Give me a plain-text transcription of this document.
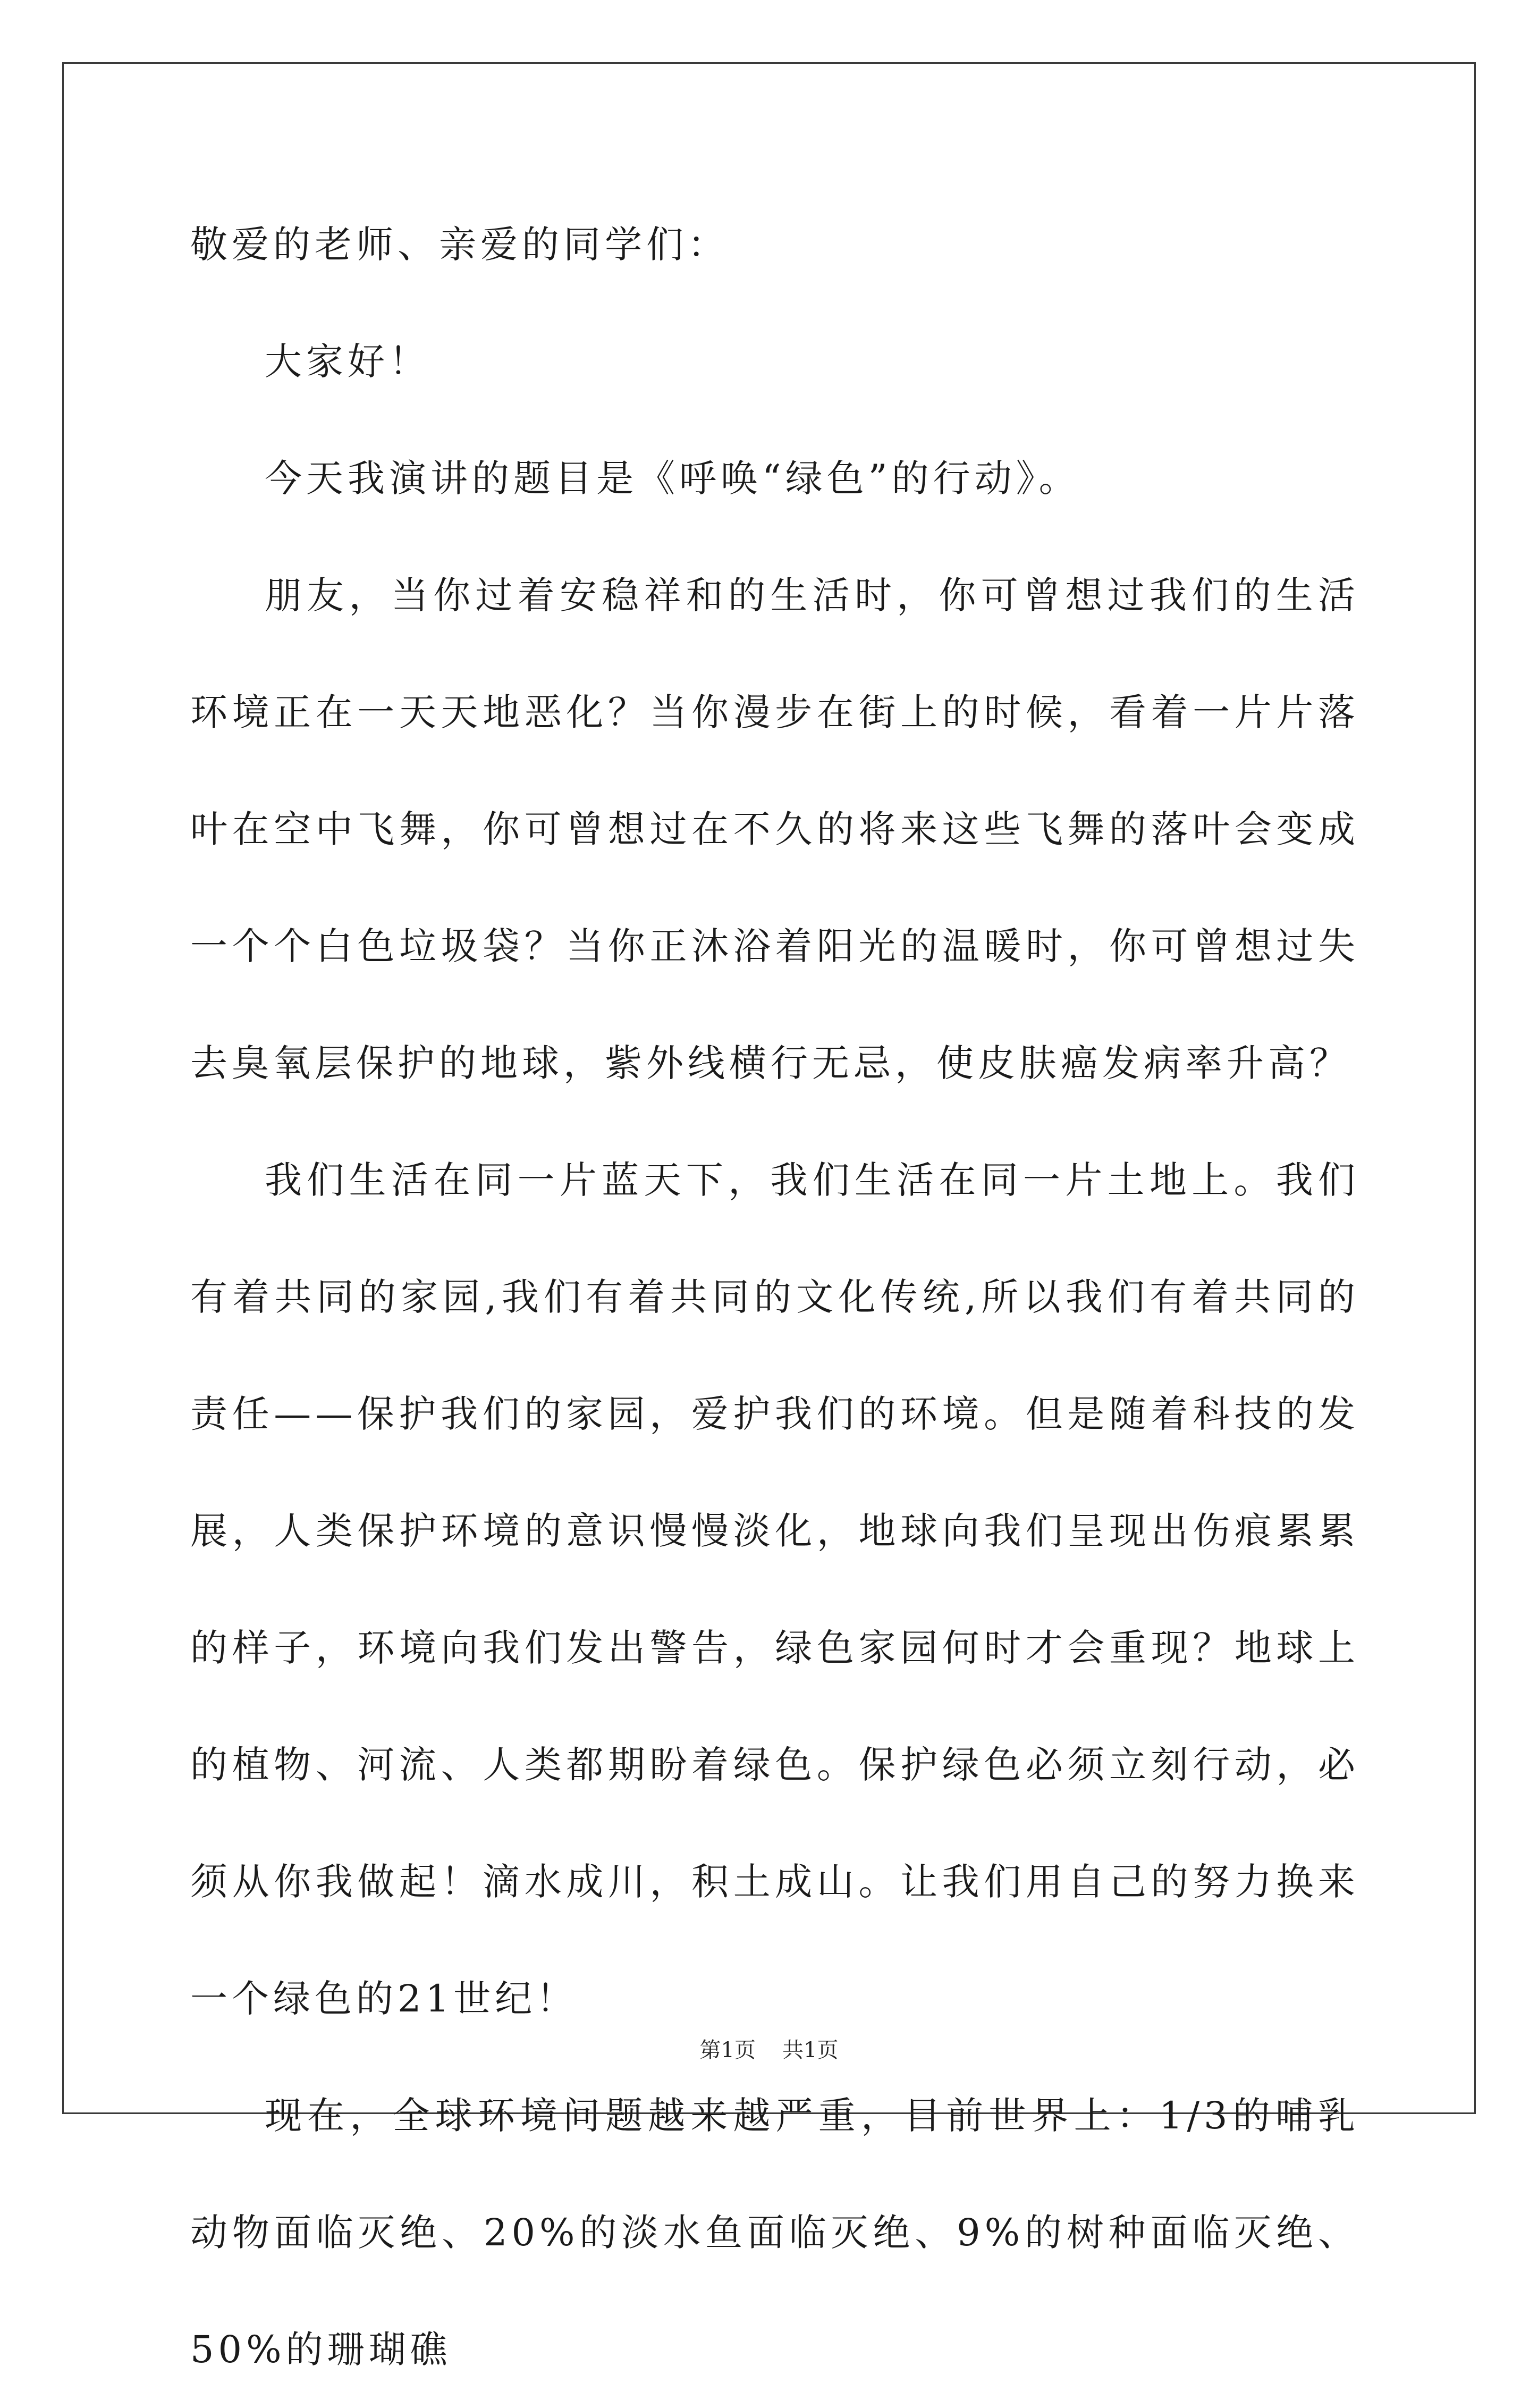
敬爱的老师、亲爱的同学们：

大家好！

今天我演讲的题目是《呼唤“绿色”的行动》。

朋友，当你过着安稳祥和的生活时，你可曾想过我们的生活环境正在一天天地恶化？当你漫步在街上的时候，看着一片片落叶在空中飞舞，你可曾想过在不久的将来这些飞舞的落叶会变成一个个白色垃圾袋？当你正沐浴着阳光的温暖时，你可曾想过失去臭氧层保护的地球，紫外线横行无忌，使皮肤癌发病率升高？

我们生活在同一片蓝天下，我们生活在同一片土地上。我们有着共同的家园,我们有着共同的文化传统,所以我们有着共同的责任——保护我们的家园，爱护我们的环境。但是随着科技的发展，人类保护环境的意识慢慢淡化，地球向我们呈现出伤痕累累的样子，环境向我们发出警告，绿色家园何时才会重现？地球上的植物、河流、人类都期盼着绿色。保护绿色必须立刻行动，必须从你我做起！滴水成川，积土成山。让我们用自己的努力换来一个绿色的21世纪！

现在，全球环境问题越来越严重，目前世界上：1/3的哺乳动物面临灭绝、20%的淡水鱼面临灭绝、9%的树种面临灭绝、50%的珊瑚礁

第1页 共1页
